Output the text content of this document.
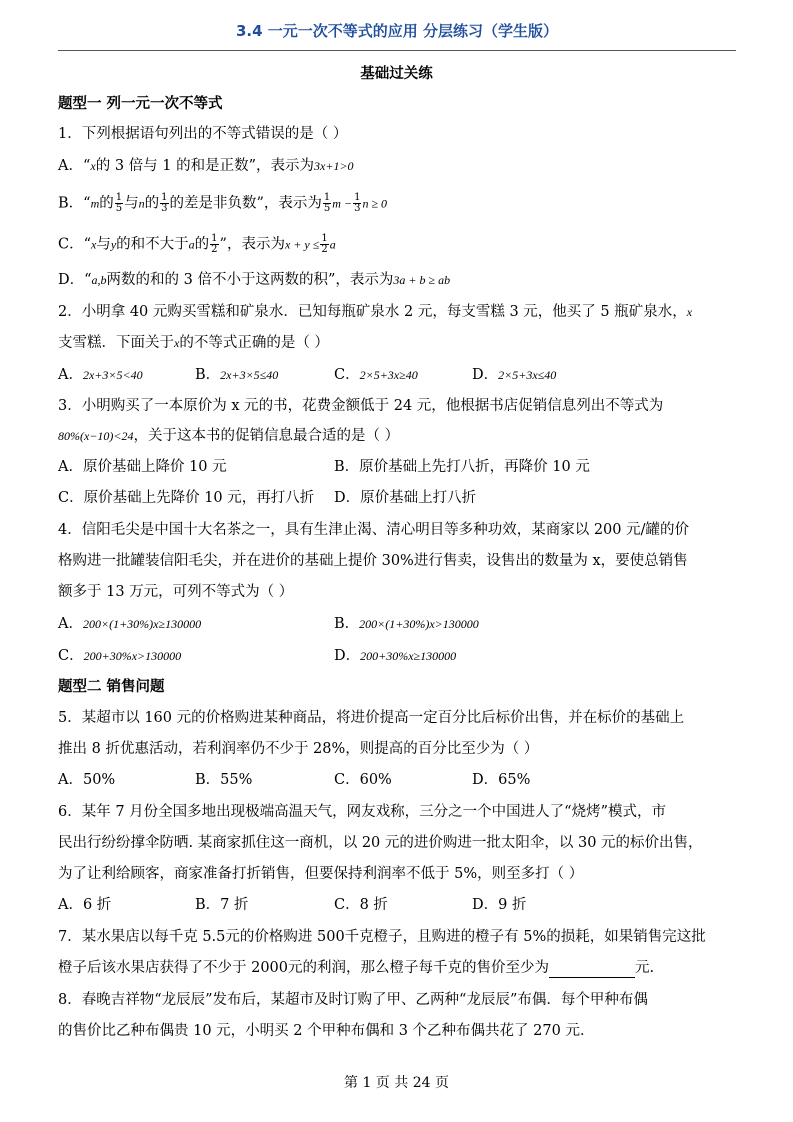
3.4 一元一次不等式的应用 分层练习（学生版）
基础过关练
题型一 列一元一次不等式
1．下列根据语句列出的不等式错误的是（ ）
A．“x的 3 倍与 1 的和是正数”，表示为3x+1>0
B．“m的 $\frac{1}{5}$ 与n的 $\frac{1}{3}$ 的差是非负数”，表示为 $\frac{1}{5}$ $m - \frac{1}{3}$ n ≥ 0
C．“x与y的和不大于a的 $\frac{1}{2}$ ”，表示为$x + y \le \frac{1}{2}$ a
D．“a,b两数的和的 3 倍不小于这两数的积”，表示为3a + b ≥ ab
2．小明拿 40 元购买雪糕和矿泉水．已知每瓶矿泉水 2 元，每支雪糕 3 元，他买了 5 瓶矿泉水，x
支雪糕．下面关于x的不等式正确的是（ ）
A．2x+3×5<40	B．2x+3×5≤40	C．2×5+3x≥40	D．2×5+3x≤40
3．小明购买了一本原价为 x 元的书，花费金额低于 24 元，他根据书店促销信息列出不等式为
80%(x−10)<24，关于这本书的促销信息最合适的是（ ）
A．原价基础上降价 10 元	B．原价基础上先打八折，再降价 10 元
C．原价基础上先降价 10 元，再打八折 D．原价基础上打八折
4．信阳毛尖是中国十大名茶之一，具有生津止渴、清心明目等多种功效，某商家以 200 元/罐的价
格购进一批罐装信阳毛尖，并在进价的基础上提价 30%进行售卖，设售出的数量为 x，要使总销售
额多于 13 万元，可列不等式为（ ）
A．200×(1+30%)x≥130000	B．200×(1+30%)x>130000
C．200+30%x>130000	D．200+30%x≥130000
题型二 销售问题
5．某超市以 160 元的价格购进某种商品，将进价提高一定百分比后标价出售，并在标价的基础上
推出 8 折优惠活动，若利润率仍不少于 28%，则提高的百分比至少为（ ）
A．50%	B．55%	C．60%	D．65%
6．某年 7 月份全国多地出现极端高温天气，网友戏称，三分之一个中国进人了“烧烤”模式，市
民出行纷纷撑伞防晒. 某商家抓住这一商机，以 20 元的进价购进一批太阳伞，以 30 元的标价出售，
为了让利给顾客，商家准备打折销售，但要保持利润率不低于 5%，则至多打（ ）
A．6 折	B．7 折	C．8 折	D．9 折
7．某水果店以每千克 5.5元的价格购进 500千克橙子，且购进的橙子有 5%的损耗，如果销售完这批
橙子后该水果店获得了不少于 2000元的利润，那么橙子每千克的售价至少为	元.
8．春晚吉祥物“龙辰辰”发布后，某超市及时订购了甲、乙两种“龙辰辰”布偶．每个甲种布偶
的售价比乙种布偶贵 10 元，小明买 2 个甲种布偶和 3 个乙种布偶共花了 270 元．
第 1 页 共 24 页
